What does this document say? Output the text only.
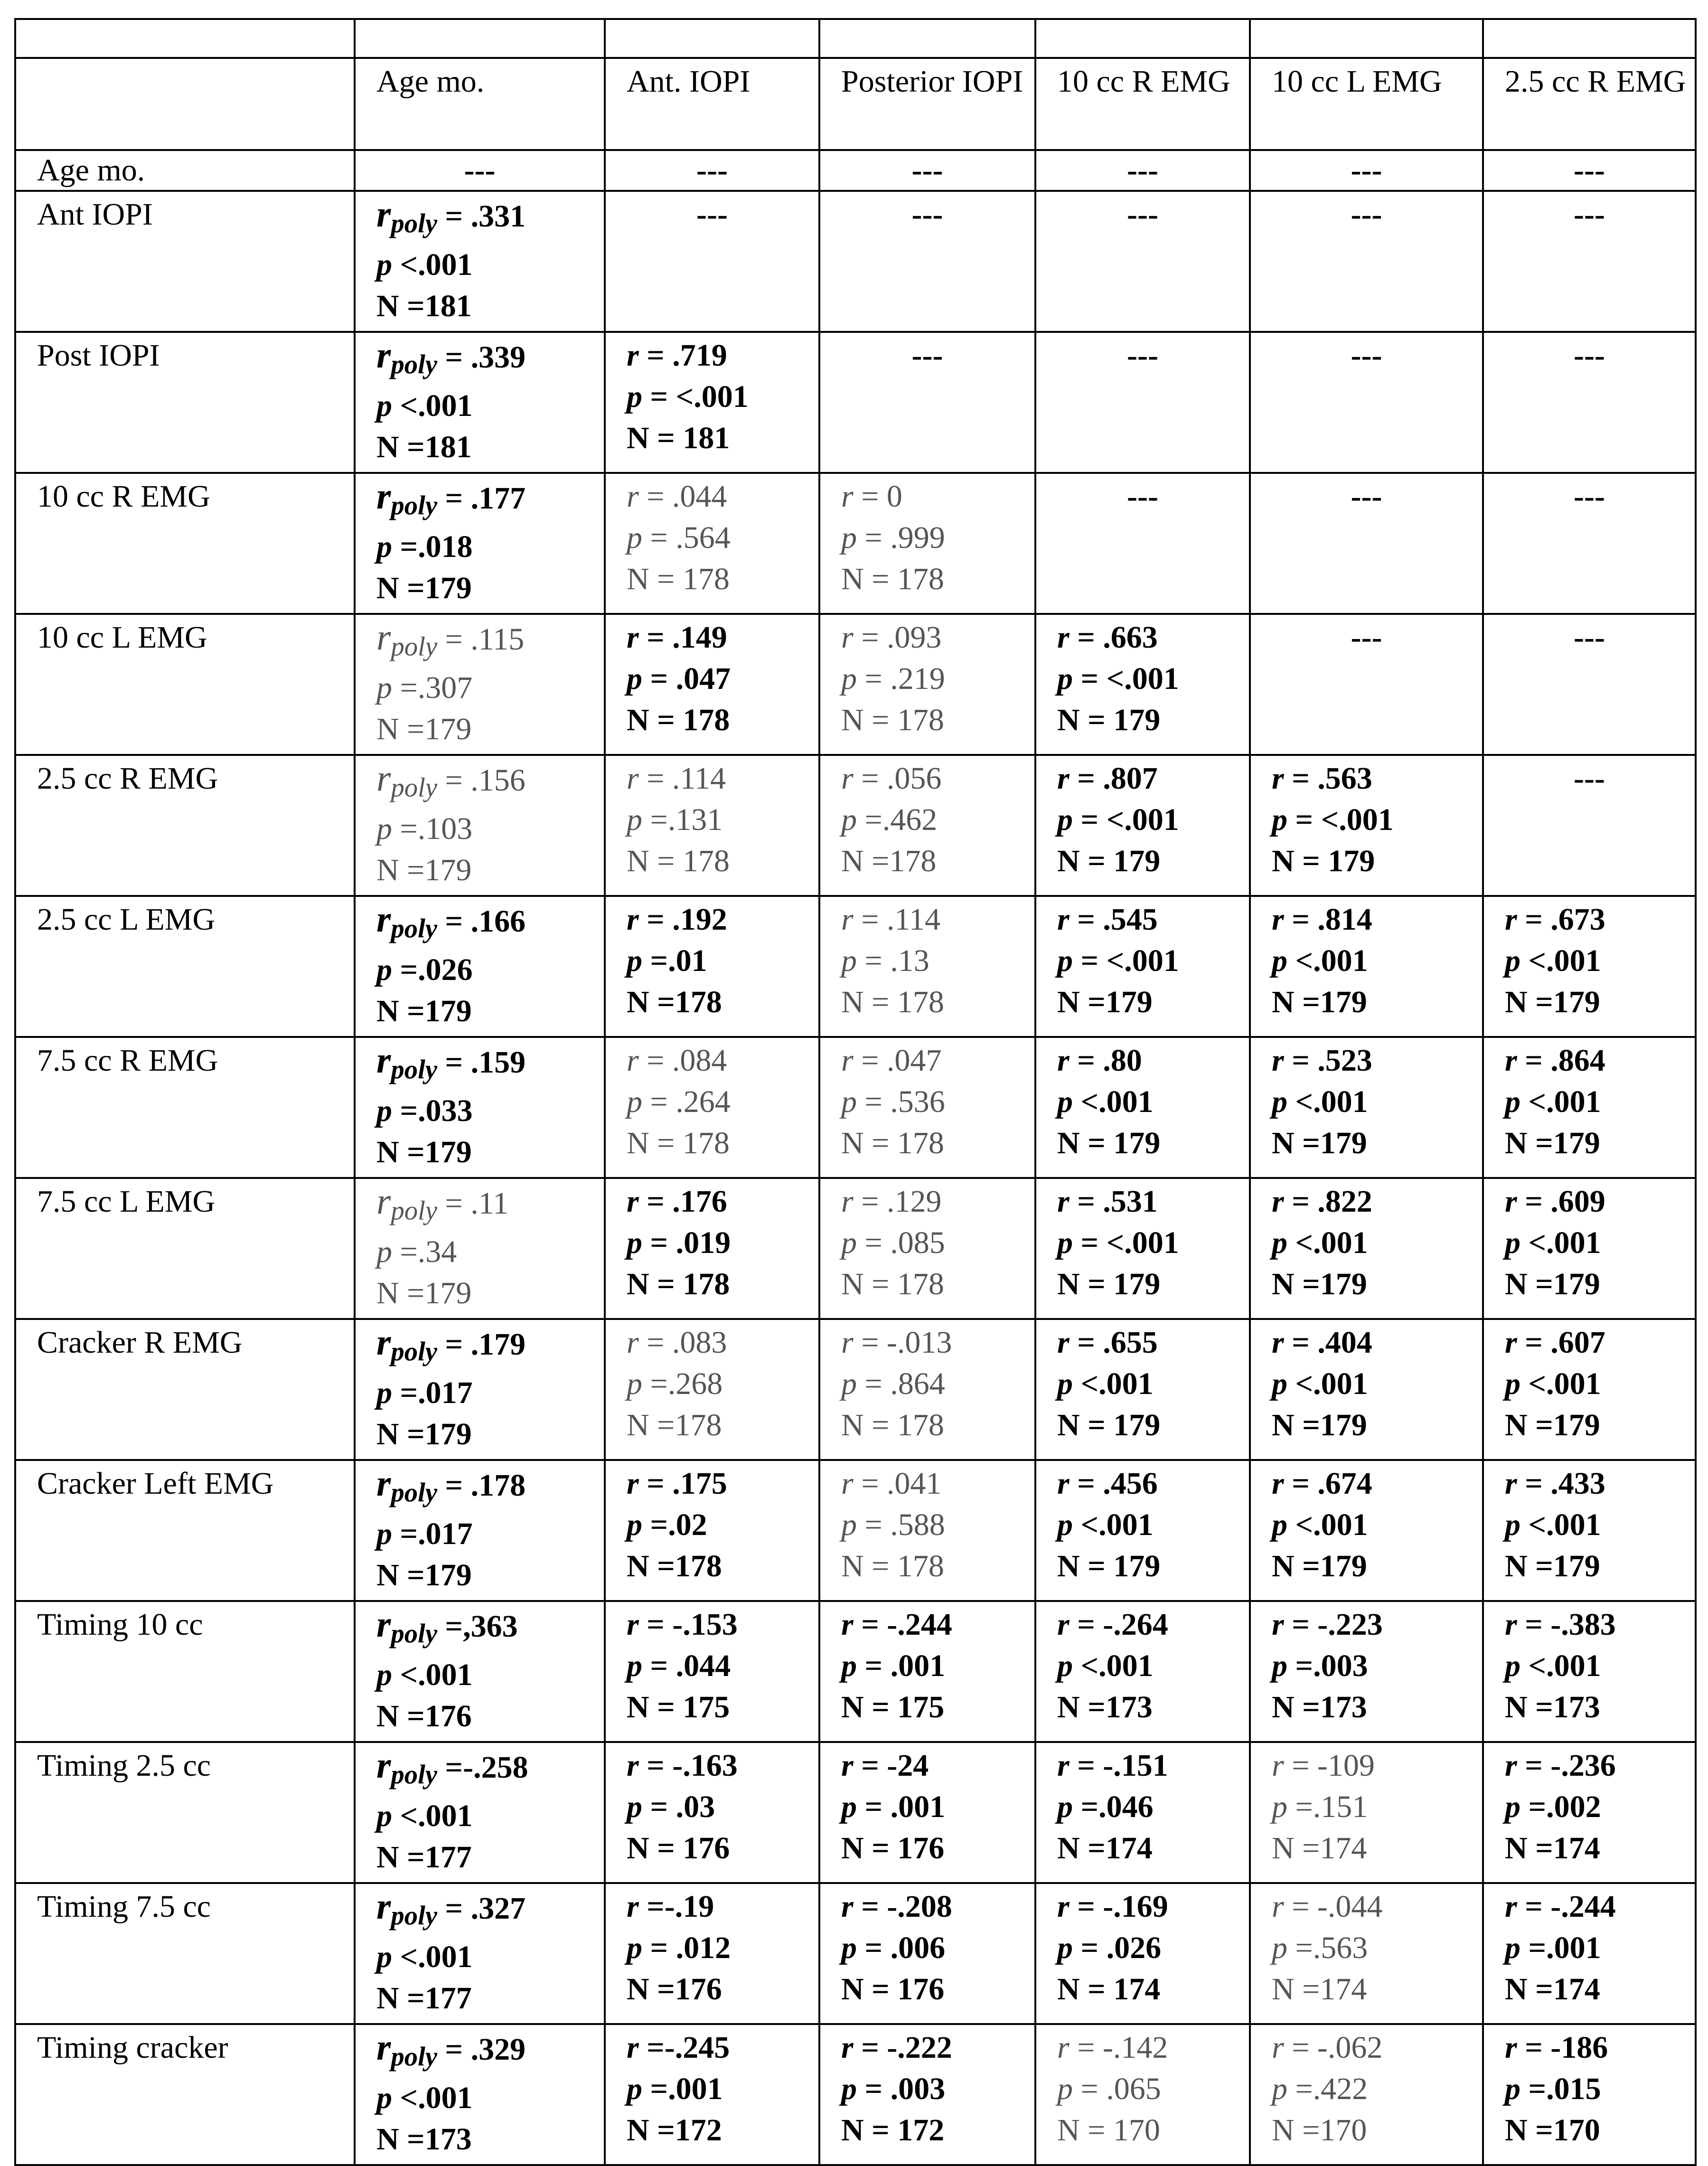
	Age mo.	Ant. IOPI	Posterior IOPI	10 cc R EMG	10 cc L EMG	2.5 cc R EMG
Age mo.	---	---	---	---	---	---
Ant IOPI	rpoly = .331
p <.001
N =181	---	---	---	---	---
Post IOPI	rpoly = .339
p <.001
N =181	r = .719
p = <.001
N = 181	---	---	---	---
10 cc R EMG	rpoly = .177
p =.018
N =179	r = .044
p = .564
N = 178	r = 0
p = .999
N = 178	---	---	---
10 cc L EMG	rpoly = .115
p =.307
N =179	r = .149
p = .047
N = 178	r = .093
p = .219
N = 178	r = .663
p = <.001
N = 179	---	---
2.5 cc R EMG	rpoly = .156
p =.103
N =179	r = .114
p =.131
N = 178	r = .056
p =.462
N =178	r = .807
p = <.001
N = 179	r = .563
p = <.001
N = 179	---
2.5 cc L EMG	rpoly = .166
p =.026
N =179	r = .192
p =.01
N =178	r = .114
p = .13
N = 178	r = .545
p = <.001
N =179	r = .814
p <.001
N =179	r = .673
p <.001
N =179

7.5 cc R EMG	rpoly = .159
p =.033
N =179	r = .084
p = .264
N = 178	r = .047
p = .536
N = 178	r = .80
p <.001
N = 179	r = .523
p <.001
N =179	r = .864
p <.001
N =179

7.5 cc L EMG	rpoly = .11
p =.34
N =179	r = .176
p = .019
N = 178	r = .129
p = .085
N = 178	r = .531
p = <.001
N = 179	r = .822
p <.001
N =179	r = .609
p <.001
N =179

Cracker R EMG	rpoly = .179
p =.017
N =179	r = .083
p =.268
N =178	r = -.013
p = .864
N = 178	r = .655
p <.001
N = 179	r = .404
p <.001
N =179	r = .607
p <.001
N =179

Cracker Left EMG	rpoly = .178
p =.017
N =179	r = .175
p =.02
N =178	r = .041
p = .588
N = 178	r = .456
p <.001
N = 179	r = .674
p <.001
N =179	r = .433
p <.001
N =179

Timing 10 cc	rpoly =,363
p <.001
N =176	r = -.153
p = .044
N = 175	r = -.244
p = .001
N = 175	r = -.264
p <.001
N =173	r = -.223
p =.003
N =173	r = -.383
p <.001
N =173

Timing 2.5 cc	rpoly =-.258
p <.001
N =177	r = -.163
p = .03
N = 176	r = -24
p = .001
N = 176	r = -.151
p =.046
N =174	r = -109
p =.151
N =174	r = -.236
p =.002
N =174

Timing 7.5 cc	rpoly = .327
p <.001
N =177	r =-.19
p = .012
N =176	r = -.208
p = .006
N = 176	r = -.169
p = .026
N = 174	r = -.044
p =.563
N =174	r = -.244
p =.001
N =174

Timing cracker	rpoly = .329
p <.001
N =173	r =-.245
p =.001
N =172	r = -.222
p = .003
N = 172	r = -.142
p = .065
N = 170	r = -.062
p =.422
N =170	r = -186
p =.015
N =170
